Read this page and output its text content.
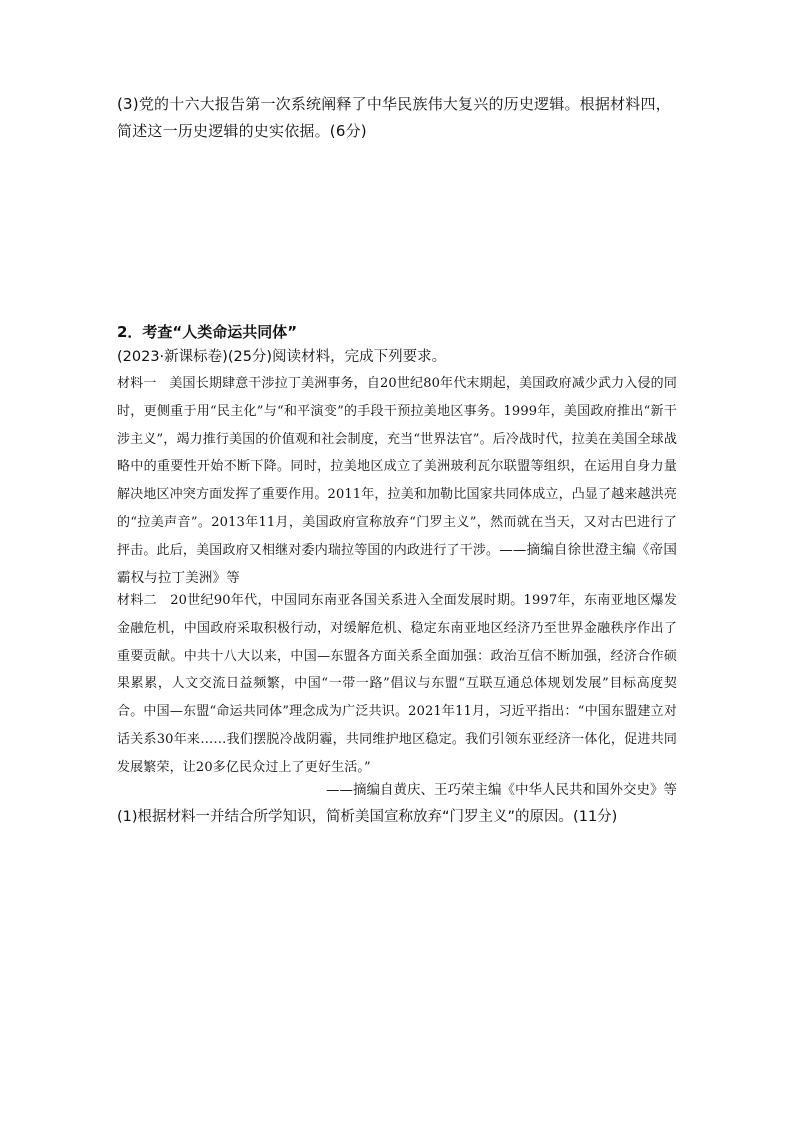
(3)党的十六大报告第一次系统阐释了中华民族伟大复兴的历史逻辑。根据材料四，简述这一历史逻辑的史实依据。(6分)
2．考查“人类命运共同体”
(2023·新课标卷)(25分)阅读材料，完成下列要求。
材料一 美国长期肆意干涉拉丁美洲事务，自20世纪80年代末期起，美国政府减少武力入侵的同时，更侧重于用“民主化”与“和平演变”的手段干预拉美地区事务。1999年，美国政府推出“新干涉主义”，竭力推行美国的价值观和社会制度，充当“世界法官”。后冷战时代，拉美在美国全球战略中的重要性开始不断下降。同时，拉美地区成立了美洲玻利瓦尔联盟等组织，在运用自身力量解决地区冲突方面发挥了重要作用。2011年，拉美和加勒比国家共同体成立，凸显了越来越洪亮的“拉美声音”。2013年11月，美国政府宣称放弃“门罗主义”，然而就在当天，又对古巴进行了抨击。此后，美国政府又相继对委内瑞拉等国的内政进行了干涉。——摘编自徐世澄主编《帝国霸权与拉丁美洲》等
材料二 20世纪90年代，中国同东南亚各国关系进入全面发展时期。1997年，东南亚地区爆发金融危机，中国政府采取积极行动，对缓解危机、稳定东南亚地区经济乃至世界金融秩序作出了重要贡献。中共十八大以来，中国—东盟各方面关系全面加强：政治互信不断加强，经济合作硕果累累，人文交流日益频繁，中国“一带一路”倡议与东盟“互联互通总体规划发展”目标高度契合。中国—东盟“命运共同体”理念成为广泛共识。2021年11月，习近平指出：“中国东盟建立对话关系30年来……我们摆脱冷战阴霾，共同维护地区稳定。我们引领东亚经济一体化，促进共同发展繁荣，让20多亿民众过上了更好生活。”
——摘编自黄庆、王巧荣主编《中华人民共和国外交史》等
(1)根据材料一并结合所学知识，简析美国宣称放弃“门罗主义”的原因。(11分)
